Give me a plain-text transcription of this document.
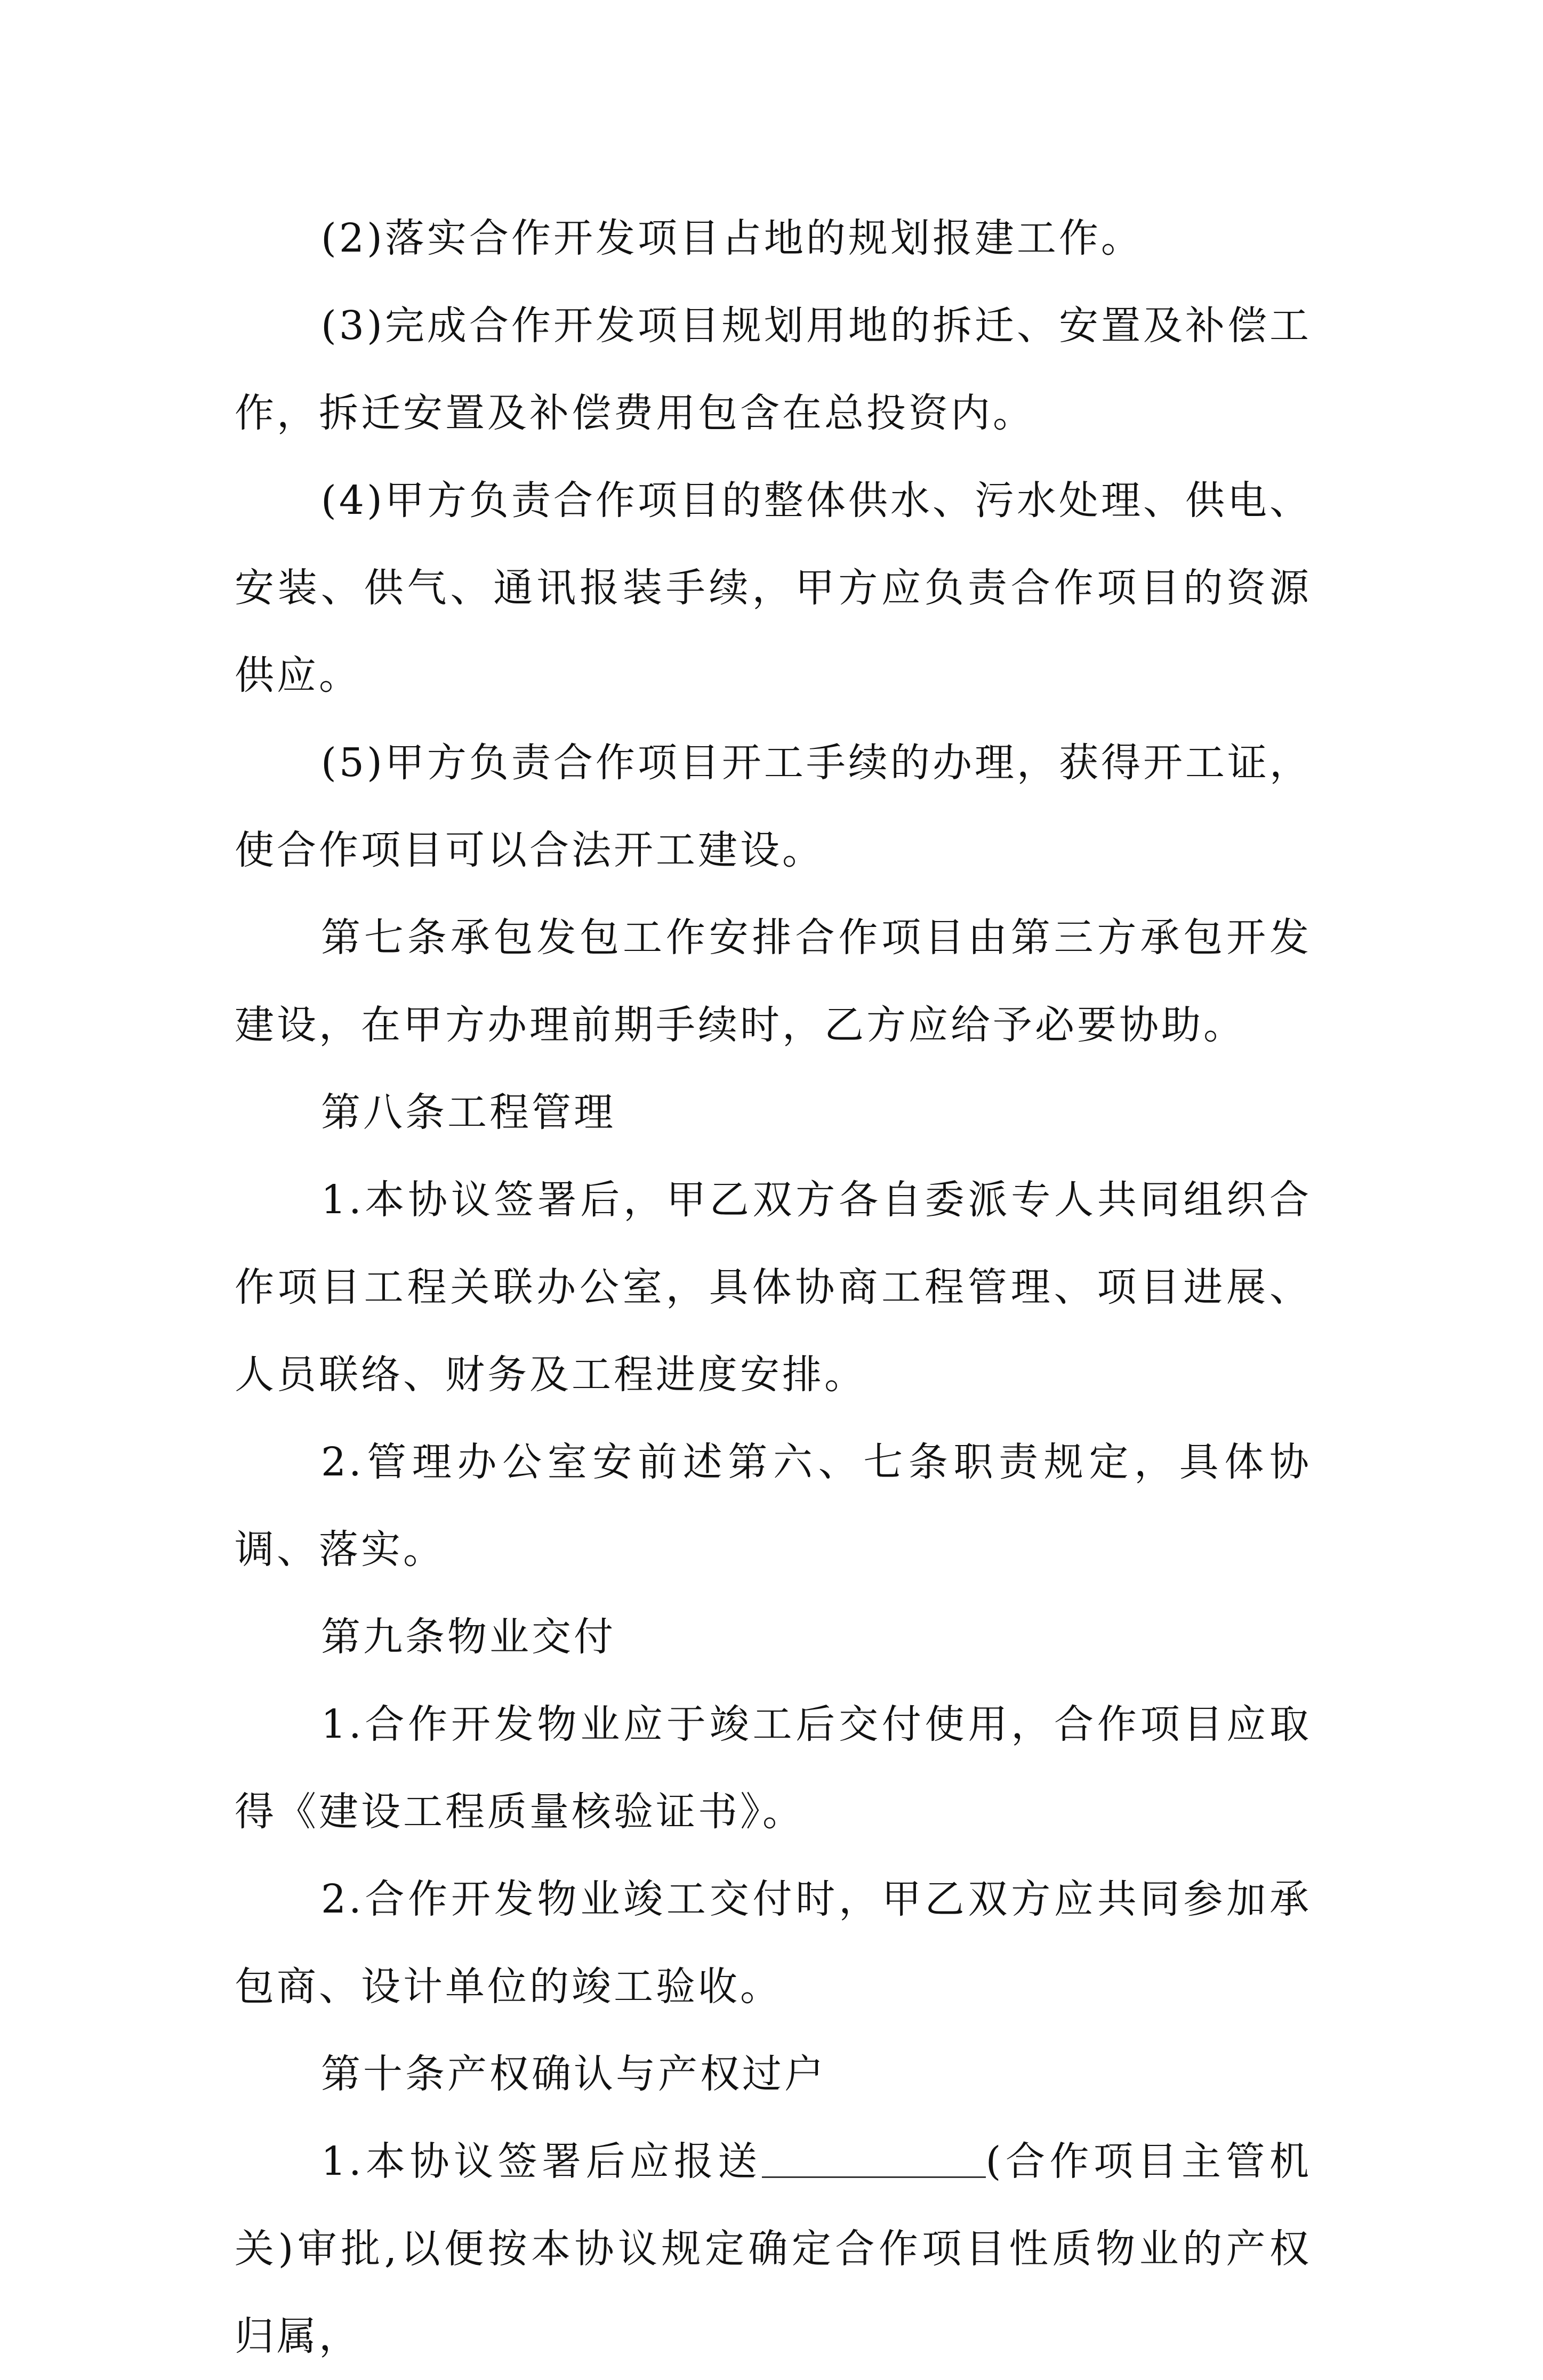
(2)落实合作开发项目占地的规划报建工作。

(3)完成合作开发项目规划用地的拆迁、安置及补偿工作，拆迁安置及补偿费用包含在总投资内。

(4)甲方负责合作项目的整体供水、污水处理、供电、安装、供气、通讯报装手续，甲方应负责合作项目的资源供应。

(5)甲方负责合作项目开工手续的办理，获得开工证，使合作项目可以合法开工建设。

第七条承包发包工作安排合作项目由第三方承包开发建设，在甲方办理前期手续时，乙方应给予必要协助。

第八条工程管理

1.本协议签署后，甲乙双方各自委派专人共同组织合作项目工程关联办公室，具体协商工程管理、项目进展、人员联络、财务及工程进度安排。

2.管理办公室安前述第六、七条职责规定，具体协调、落实。

第九条物业交付

1.合作开发物业应于竣工后交付使用，合作项目应取得《建设工程质量核验证书》。

2.合作开发物业竣工交付时，甲乙双方应共同参加承包商、设计单位的竣工验收。

第十条产权确认与产权过户

1.本协议签署后应报送	(合作项目主管机关)审批,以便按本协议规定确定合作项目性质物业的产权归属，
